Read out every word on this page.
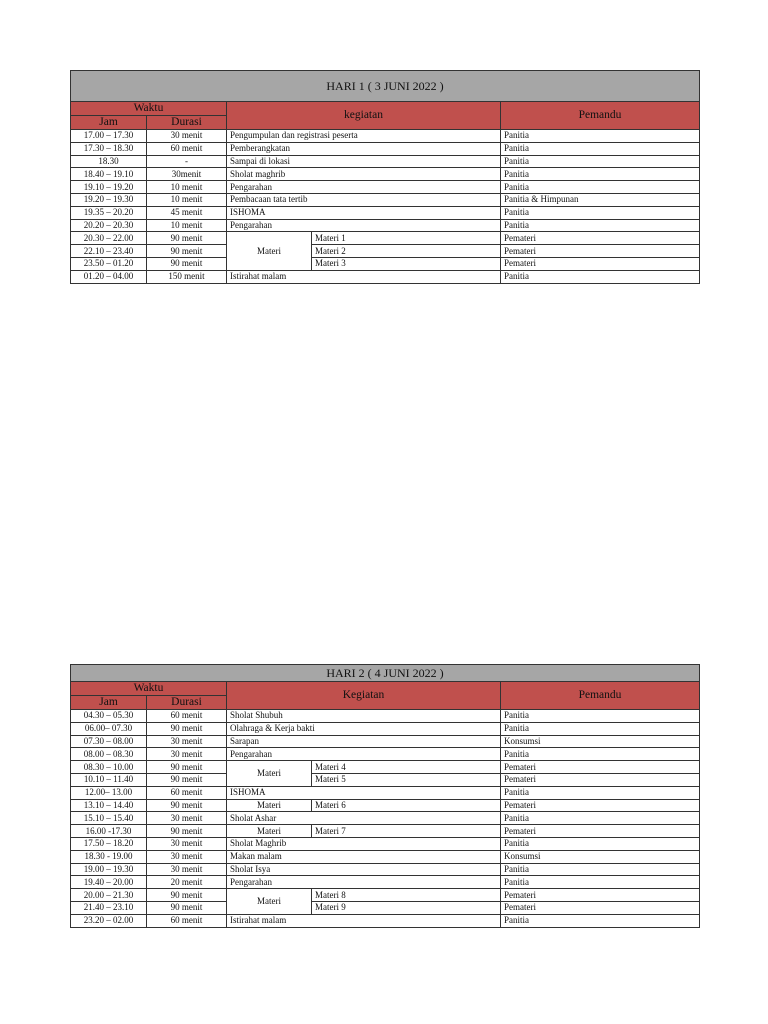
HARI 1 ( 3 JUNI 2022 )				
Waktu		kegiatan		Pemandu
Jam	Durasi			
17.00 – 17.30	30 menit	Pengumpulan dan registrasi peserta		Panitia
17.30 – 18.30	60 menit	Pemberangkatan		Panitia
18.30	-	Sampai di lokasi		Panitia
18.40 – 19.10	30menit	Sholat maghrib		Panitia
19.10 – 19.20	10 menit	Pengarahan		Panitia
19.20 – 19.30	10 menit	Pembacaan tata tertib		Panitia & Himpunan
19.35 – 20.20	45 menit	ISHOMA		Panitia
20.20 – 20.30	10 menit	Pengarahan		Panitia
20.30 – 22.00	90 menit	Materi	Materi 1	Pemateri
22.10 – 23.40	90 menit		Materi 2	Pemateri
23.50 – 01.20	90 menit		Materi 3	Pemateri
01.20 – 04.00	150 menit	Istirahat malam		Panitia
HARI 2 ( 4 JUNI 2022 )				
Waktu		Kegiatan		Pemandu
Jam	Durasi			
04.30 – 05.30	60 menit	Sholat Shubuh		Panitia
06.00– 07.30	90 menit	Olahraga & Kerja bakti		Panitia
07.30 – 08.00	30 menit	Sarapan		Konsumsi
08.00 – 08.30	30 menit	Pengarahan		Panitia
08.30 – 10.00	90 menit	Materi	Materi 4	Pemateri
10.10 – 11.40	90 menit		Materi 5	Pemateri
12.00– 13.00	60 menit	ISHOMA		Panitia
13.10 – 14.40	90 menit	Materi	Materi 6	Pemateri
15.10 – 15.40	30 menit	Sholat Ashar		Panitia
16.00 -17.30	90 menit	Materi	Materi 7	Pemateri
17.50 – 18.20	30 menit	Sholat Maghrib		Panitia
18.30 - 19.00	30 menit	Makan malam		Konsumsi
19.00 – 19.30	30 menit	Sholat Isya		Panitia
19.40 – 20.00	20 menit	Pengarahan		Panitia
20.00 – 21.30	90 menit	Materi	Materi 8	Pemateri
21.40 – 23.10	90 menit		Materi 9	Pemateri
23.20 – 02.00	60 menit	Istirahat malam		Panitia
